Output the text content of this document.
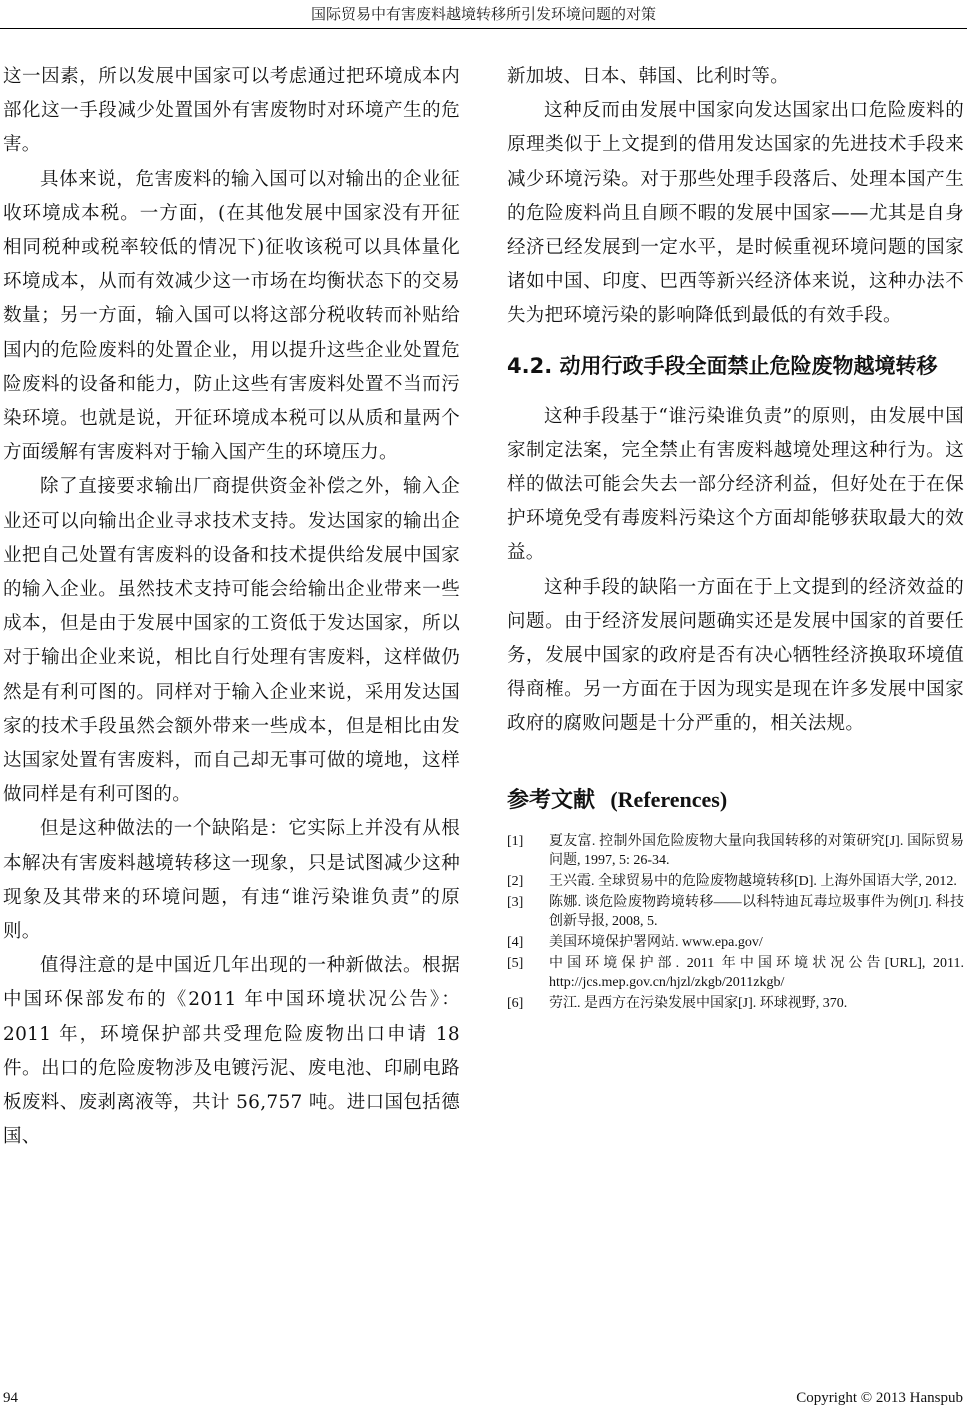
国际贸易中有害废料越境转移所引发环境问题的对策

这一因素，所以发展中国家可以考虑通过把环境成本内部化这一手段减少处置国外有害废物时对环境产生的危害。

具体来说，危害废料的输入国可以对输出的企业征收环境成本税。一方面，(在其他发展中国家没有开征相同税种或税率较低的情况下)征收该税可以具体量化环境成本，从而有效减少这一市场在均衡状态下的交易数量；另一方面，输入国可以将这部分税收转而补贴给国内的危险废料的处置企业，用以提升这些企业处置危险废料的设备和能力，防止这些有害废料处置不当而污染环境。也就是说，开征环境成本税可以从质和量两个方面缓解有害废料对于输入国产生的环境压力。

除了直接要求输出厂商提供资金补偿之外，输入企业还可以向输出企业寻求技术支持。发达国家的输出企业把自己处置有害废料的设备和技术提供给发展中国家的输入企业。虽然技术支持可能会给输出企业带来一些成本，但是由于发展中国家的工资低于发达国家，所以对于输出企业来说，相比自行处理有害废料，这样做仍然是有利可图的。同样对于输入企业来说，采用发达国家的技术手段虽然会额外带来一些成本，但是相比由发达国家处置有害废料，而自己却无事可做的境地，这样做同样是有利可图的。

但是这种做法的一个缺陷是：它实际上并没有从根本解决有害废料越境转移这一现象，只是试图减少这种现象及其带来的环境问题，有违“谁污染谁负责”的原则。

值得注意的是中国近几年出现的一种新做法。根据中国环保部发布的《2011 年中国环境状况公告》：2011 年，环境保护部共受理危险废物出口申请 18 件。出口的危险废物涉及电镀污泥、废电池、印刷电路板废料、废剥离液等，共计 56,757 吨。进口国包括德国、

新加坡、日本、韩国、比利时等。

这种反而由发展中国家向发达国家出口危险废料的原理类似于上文提到的借用发达国家的先进技术手段来减少环境污染。对于那些处理手段落后、处理本国产生的危险废料尚且自顾不暇的发展中国家——尤其是自身经济已经发展到一定水平，是时候重视环境问题的国家诸如中国、印度、巴西等新兴经济体来说，这种办法不失为把环境污染的影响降低到最低的有效手段。

4.2. 动用行政手段全面禁止危险废物越境转移

这种手段基于“谁污染谁负责”的原则，由发展中国家制定法案，完全禁止有害废料越境处理这种行为。这样的做法可能会失去一部分经济利益，但好处在于在保护环境免受有毒废料污染这个方面却能够获取最大的效益。

这种手段的缺陷一方面在于上文提到的经济效益的问题。由于经济发展问题确实还是发展中国家的首要任务，发展中国家的政府是否有决心牺牲经济换取环境值得商榷。另一方面在于因为现实是现在许多发展中国家政府的腐败问题是十分严重的，相关法规。

参考文献 (References)
[1]	夏友富. 控制外国危险废物大量向我国转移的对策研究[J]. 国际贸易问题, 1997, 5: 26-34.
[2]	王兴霞. 全球贸易中的危险废物越境转移[D]. 上海外国语大学, 2012.
[3]	陈娜. 谈危险废物跨境转移——以科特迪瓦毒垃圾事件为例[J]. 科技创新导报, 2008, 5.
[4]	美国环境保护署网站. www.epa.gov/
[5]	中国环境保护部. 2011 年中国环境状况公告[URL], 2011. http://jcs.mep.gov.cn/hjzl/zkgb/2011zkgb/
[6]	劳江. 是西方在污染发展中国家[J]. 环球视野, 370.
94	Copyright © 2013 Hanspub
